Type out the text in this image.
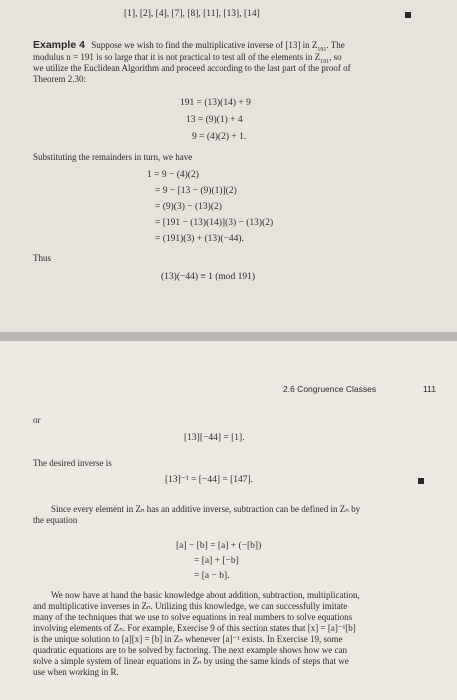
[1], [2], [4], [7], [8], [11], [13], [14]
Example 4 Suppose we wish to find the multiplicative inverse of [13] in $Z_{191}$. The
modulus n = 191 is so large that it is not practical to test all of the elements in $Z_{191}$, so
we utilize the Euclidean Algorithm and proceed according to the last part of the proof of
Theorem 2.30:
191 = (13)(14) + 9
13 = (9)(1) + 4
9 = (4)(2) + 1.
Substituting the remainders in turn, we have
1 = 9 − (4)(2)
= 9 − [13 − (9)(1)](2)
= (9)(3) − (13)(2)
= [191 − (13)(14)](3) − (13)(2)
= (191)(3) + (13)(−44).
Thus
(13)(−44) ≡ 1 (mod 191)
2.6 Congruence Classes	111
or
[13][−44] = [1].
The desired inverse is
[13]⁻¹ = [−44] = [147].
Since every element in Zₙ has an additive inverse, subtraction can be defined in Zₙ by
the equation
[a] − [b] = [a] + (−[b])
= [a] + [−b]
= [a − b].
We now have at hand the basic knowledge about addition, subtraction, multiplication,
and multiplicative inverses in Zₙ. Utilizing this knowledge, we can successfully imitate
many of the techniques that we use to solve equations in real numbers to solve equations
involving elements of Zₙ. For example, Exercise 9 of this section states that [x] = [a]⁻¹[b]
is the unique solution to [a][x] = [b] in Zₙ whenever [a]⁻¹ exists. In Exercise 19, some
quadratic equations are to be solved by factoring. The next example shows how we can
solve a simple system of linear equations in Zₙ by using the same kinds of steps that we
use when working in R.
